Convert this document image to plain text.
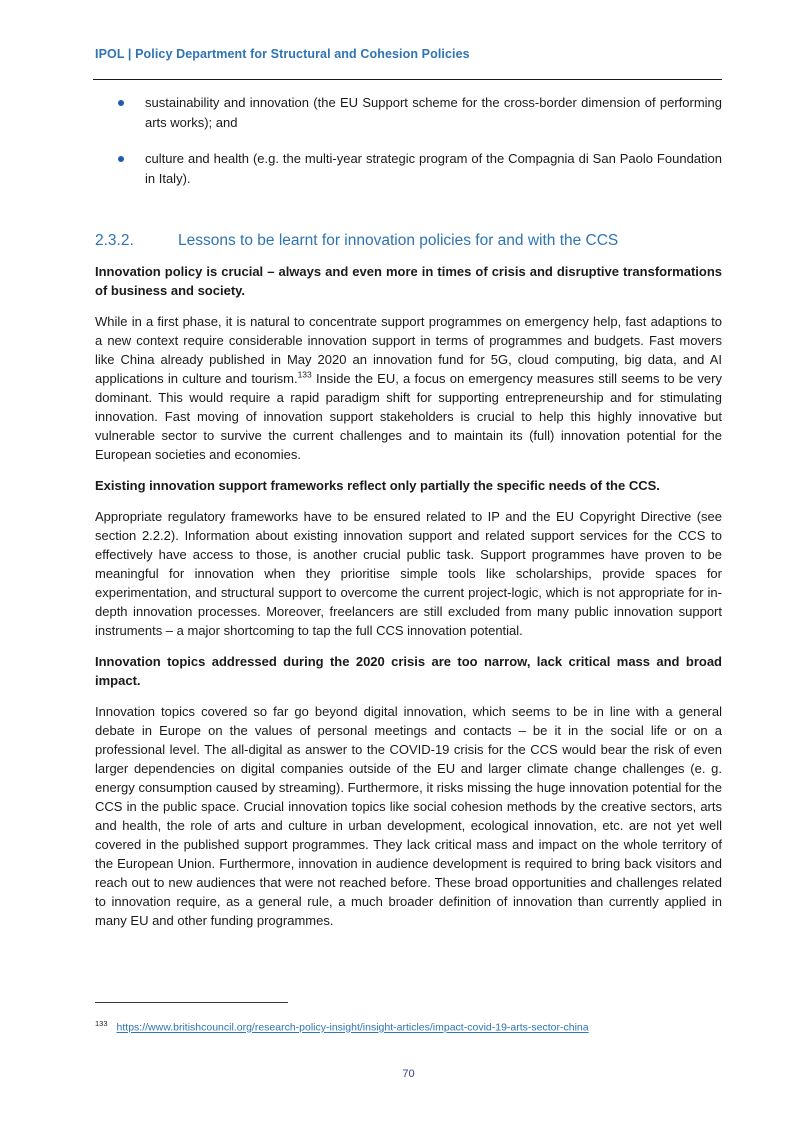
IPOL | Policy Department for Structural and Cohesion Policies
sustainability and innovation (the EU Support scheme for the cross-border dimension of performing arts works); and
culture and health (e.g. the multi-year strategic program of the Compagnia di San Paolo Foundation in Italy).
2.3.2.	Lessons to be learnt for innovation policies for and with the CCS

Innovation policy is crucial – always and even more in times of crisis and disruptive transformations of business and society.

While in a first phase, it is natural to concentrate support programmes on emergency help, fast adaptions to a new context require considerable innovation support in terms of programmes and budgets. Fast movers like China already published in May 2020 an innovation fund for 5G, cloud computing, big data, and AI applications in culture and tourism.$^{133}$ Inside the EU, a focus on emergency measures still seems to be very dominant. This would require a rapid paradigm shift for supporting entrepreneurship and for stimulating innovation. Fast moving of innovation support stakeholders is crucial to help this highly innovative but vulnerable sector to survive the current challenges and to maintain its (full) innovation potential for the European societies and economies.

Existing innovation support frameworks reflect only partially the specific needs of the CCS.

Appropriate regulatory frameworks have to be ensured related to IP and the EU Copyright Directive (see section 2.2.2). Information about existing innovation support and related support services for the CCS to effectively have access to those, is another crucial public task. Support programmes have proven to be meaningful for innovation when they prioritise simple tools like scholarships, provide spaces for experimentation, and structural support to overcome the current project-logic, which is not appropriate for in-depth innovation processes. Moreover, freelancers are still excluded from many public innovation support instruments – a major shortcoming to tap the full CCS innovation potential.

Innovation topics addressed during the 2020 crisis are too narrow, lack critical mass and broad impact.

Innovation topics covered so far go beyond digital innovation, which seems to be in line with a general debate in Europe on the values of personal meetings and contacts – be it in the social life or on a professional level. The all-digital as answer to the COVID-19 crisis for the CCS would bear the risk of even larger dependencies on digital companies outside of the EU and larger climate change challenges (e. g. energy consumption caused by streaming). Furthermore, it risks missing the huge innovation potential for the CCS in the public space. Crucial innovation topics like social cohesion methods by the creative sectors, arts and health, the role of arts and culture in urban development, ecological innovation, etc. are not yet well covered in the published support programmes. They lack critical mass and impact on the whole territory of the European Union. Furthermore, innovation in audience development is required to bring back visitors and reach out to new audiences that were not reached before. These broad opportunities and challenges related to innovation require, as a general rule, a much broader definition of innovation than currently applied in many EU and other funding programmes.

$^{133}$ https://www.britishcouncil.org/research-policy-insight/insight-articles/impact-covid-19-arts-sector-china
70
